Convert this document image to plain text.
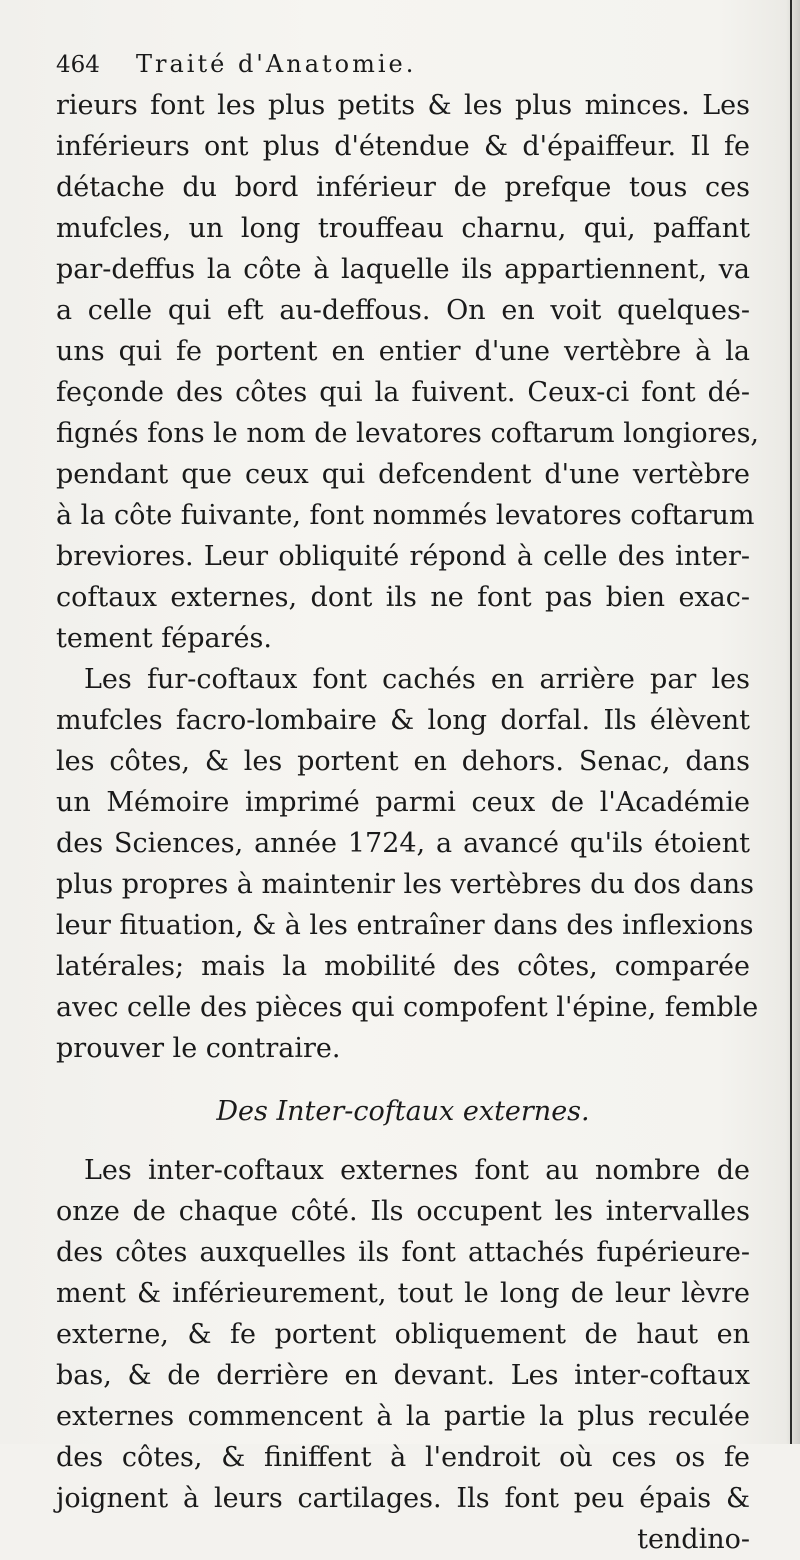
464	Traité d'Anatomie.
rieurs font les plus petits & les plus minces. Les
inférieurs ont plus d'étendue & d'épaiffeur. Il fe
détache du bord inférieur de prefque tous ces
mufcles, un long trouffeau charnu, qui, paffant
par-deffus la côte à laquelle ils appartiennent, va
a celle qui eft au-deffous. On en voit quelques-
uns qui fe portent en entier d'une vertèbre à la
feçonde des côtes qui la fuivent. Ceux-ci font dé-
fignés fons le nom de levatores coftarum longiores,
pendant que ceux qui defcendent d'une vertèbre
à la côte fuivante, font nommés levatores coftarum
breviores. Leur obliquité répond à celle des inter-
coftaux externes, dont ils ne font pas bien exac-
tement féparés.
Les fur-coftaux font cachés en arrière par les
mufcles facro-lombaire & long dorfal. Ils élèvent
les côtes, & les portent en dehors. Senac, dans
un Mémoire imprimé parmi ceux de l'Académie
des Sciences, année 1724, a avancé qu'ils étoient
plus propres à maintenir les vertèbres du dos dans
leur fituation, & à les entraîner dans des inflexions
latérales; mais la mobilité des côtes, comparée
avec celle des pièces qui compofent l'épine, femble
prouver le contraire.
Des Inter-coftaux externes.
Les inter-coftaux externes font au nombre de
onze de chaque côté. Ils occupent les intervalles
des côtes auxquelles ils font attachés fupérieure-
ment & inférieurement, tout le long de leur lèvre
externe, & fe portent obliquement de haut en
bas, & de derrière en devant. Les inter-coftaux
externes commencent à la partie la plus reculée
des côtes, & finiffent à l'endroit où ces os fe
joignent à leurs cartilages. Ils font peu épais &
tendino-
